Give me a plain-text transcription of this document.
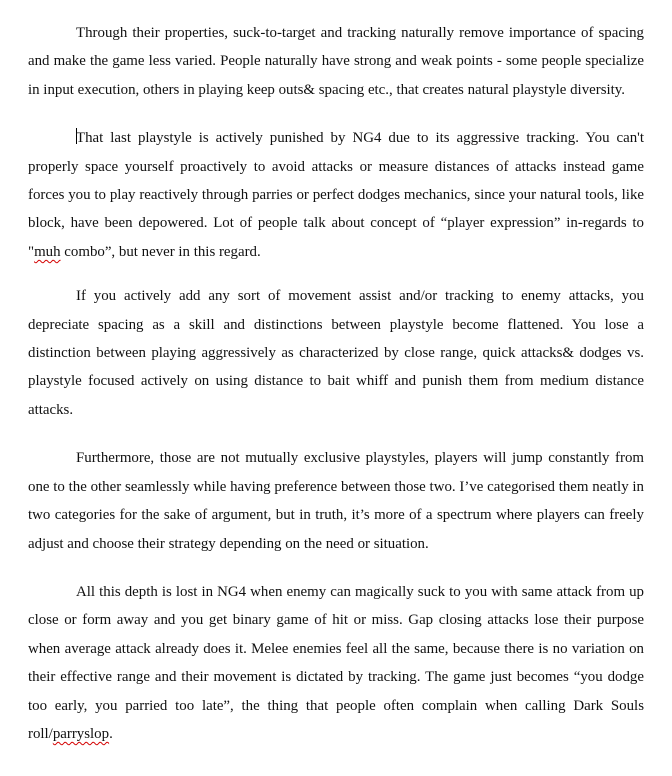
Through their properties, suck-to-target and tracking naturally remove importance of spacing and make the game less varied. People naturally have strong and weak points - some people specialize in input execution, others in playing keep outs& spacing etc., that creates natural playstyle diversity.

That last playstyle is actively punished by NG4 due to its aggressive tracking. You can't properly space yourself proactively to avoid attacks or measure distances of attacks instead game forces you to play reactively through parries or perfect dodges mechanics, since your natural tools, like block, have been depowered. Lot of people talk about concept of “player expression” in-regards to "muh combo”, but never in this regard.

If you actively add any sort of movement assist and/or tracking to enemy attacks, you depreciate spacing as a skill and distinctions between playstyle become flattened. You lose a distinction between playing aggressively as characterized by close range, quick attacks& dodges vs. playstyle focused actively on using distance to bait whiff and punish them from medium distance attacks.

Furthermore, those are not mutually exclusive playstyles, players will jump constantly from one to the other seamlessly while having preference between those two. I’ve categorised them neatly in two categories for the sake of argument, but in truth, it’s more of a spectrum where players can freely adjust and choose their strategy depending on the need or situation.

All this depth is lost in NG4 when enemy can magically suck to you with same attack from up close or form away and you get binary game of hit or miss. Gap closing attacks lose their purpose when average attack already does it. Melee enemies feel all the same, because there is no variation on their effective range and their movement is dictated by tracking. The game just becomes “you dodge too early, you parried too late”, the thing that people often complain when calling Dark Souls roll/parryslop.
